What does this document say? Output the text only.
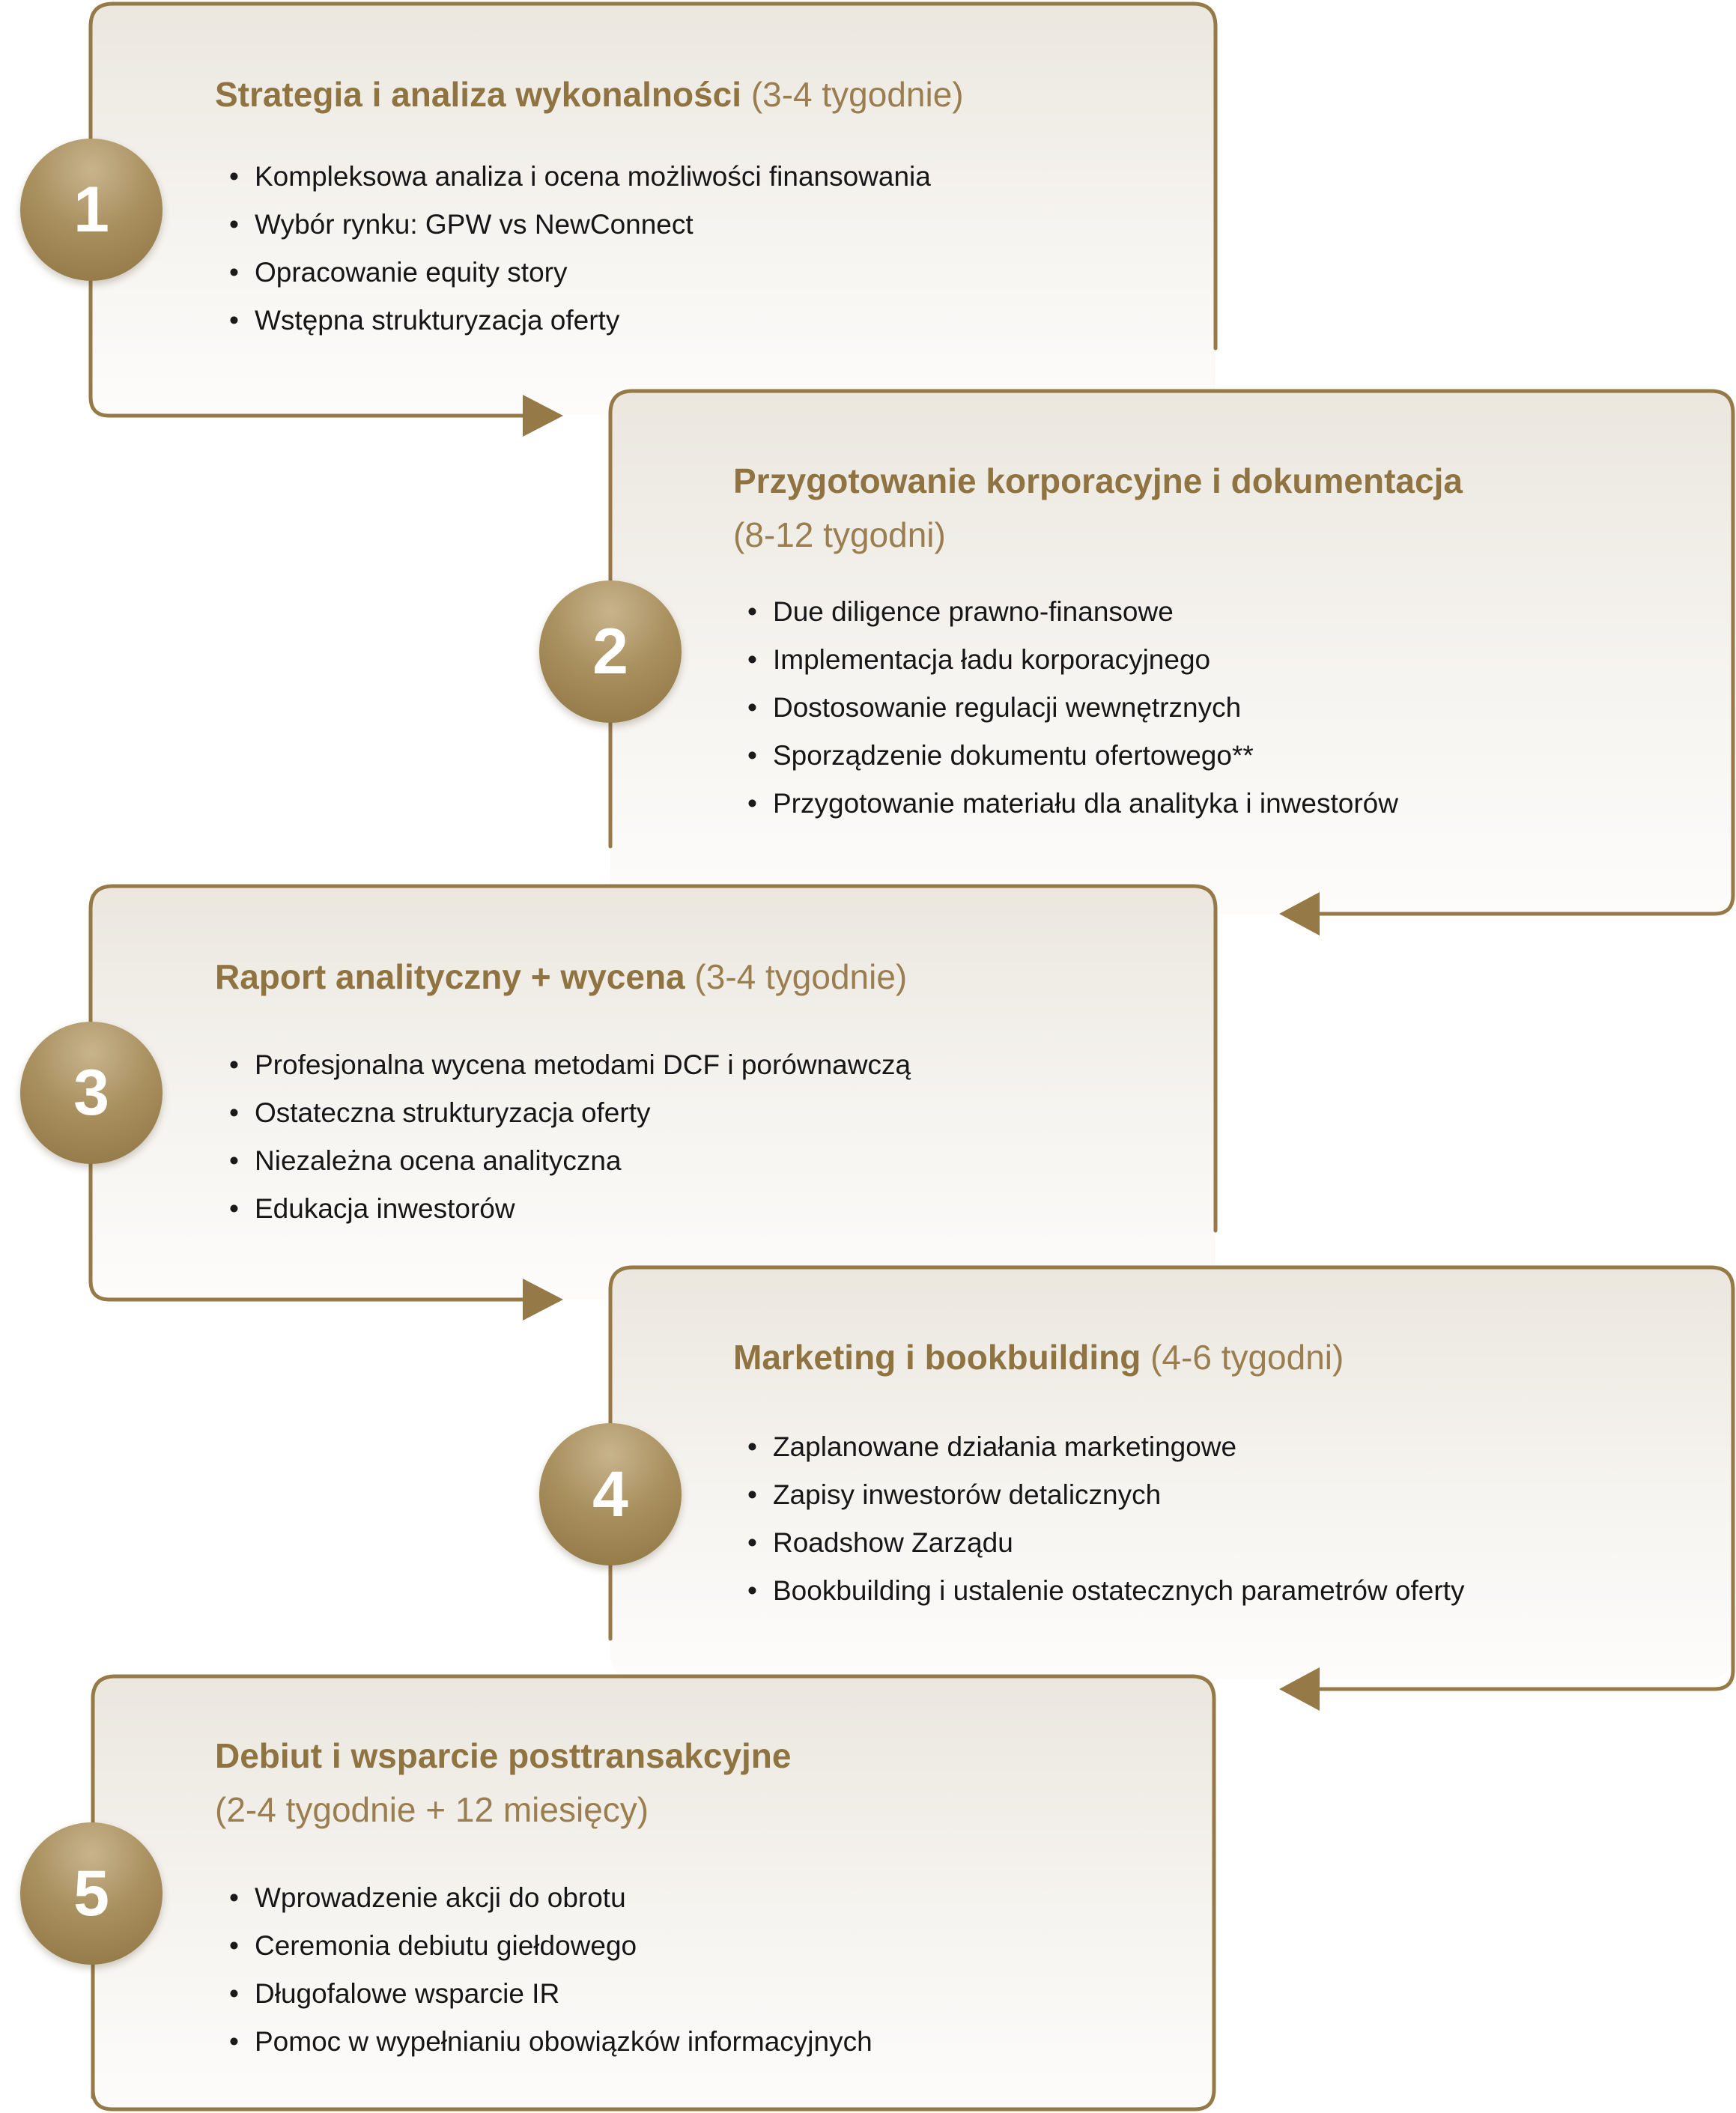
1
Strategia i analiza wykonalności (3-4 tygodnie)
• Kompleksowa analiza i ocena możliwości finansowania
• Wybór rynku: GPW vs NewConnect
• Opracowanie equity story
• Wstępna strukturyzacja oferty
2
Przygotowanie korporacyjne i dokumentacja
(8-12 tygodni)
• Due diligence prawno-finansowe
• Implementacja ładu korporacyjnego
• Dostosowanie regulacji wewnętrznych
• Sporządzenie dokumentu ofertowego**
• Przygotowanie materiału dla analityka i inwestorów
3
Raport analityczny + wycena (3-4 tygodnie)
• Profesjonalna wycena metodami DCF i porównawczą
• Ostateczna strukturyzacja oferty
• Niezależna ocena analityczna
• Edukacja inwestorów
4
Marketing i bookbuilding (4-6 tygodni)
• Zaplanowane działania marketingowe
• Zapisy inwestorów detalicznych
• Roadshow Zarządu
• Bookbuilding i ustalenie ostatecznych parametrów oferty
5
Debiut i wsparcie posttransakcyjne
(2-4 tygodnie + 12 miesięcy)
• Wprowadzenie akcji do obrotu
• Ceremonia debiutu giełdowego
• Długofalowe wsparcie IR
• Pomoc w wypełnianiu obowiązków informacyjnych
